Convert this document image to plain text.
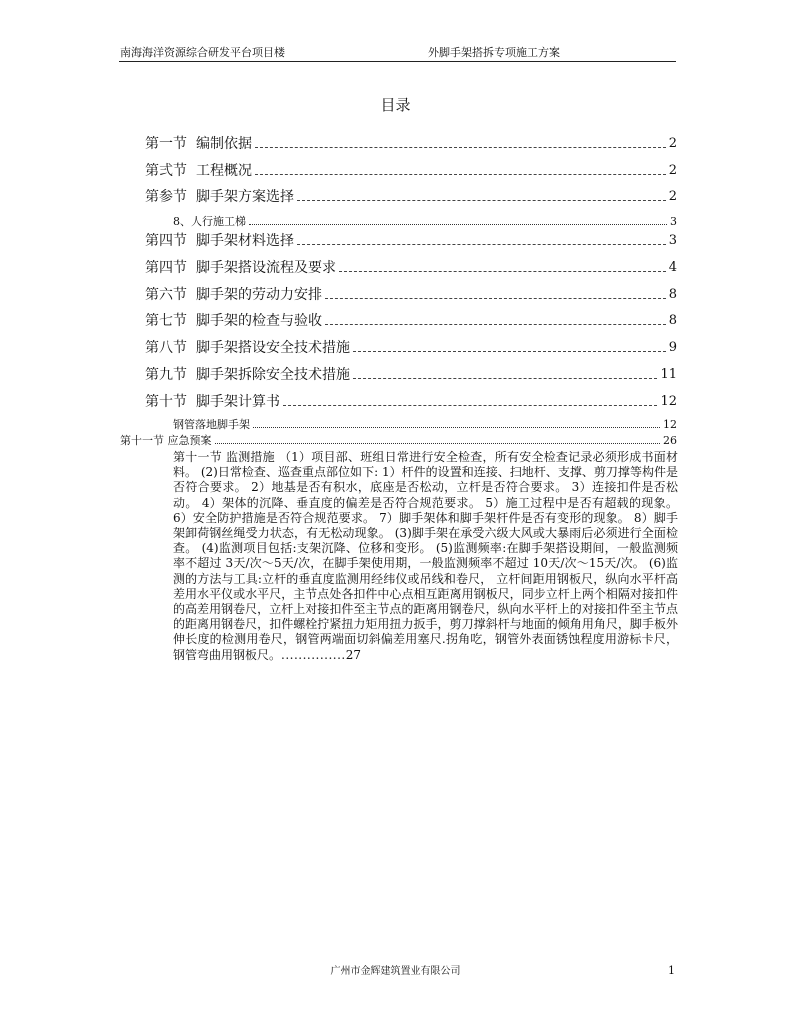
南海海洋资源综合研发平台项目楼	外脚手架搭拆专项施工方案
目录
第一节 编制依据	2
第弍节 工程概况	2
第参节 脚手架方案选择	2
8、人行施工梯	3
第四节 脚手架材料选择	3
第四节 脚手架搭设流程及要求	4
第六节 脚手架的劳动力安排	8
第七节 脚手架的检查与验收	8
第八节 脚手架搭设安全技术措施	9
第九节 脚手架拆除安全技术措施	11
第十节 脚手架计算书	12
钢管落地脚手架	12
第十一节 应急预案	26
第十一节 监测措施 （1）项目部、班组日常进行安全检查，所有安全检查记录必须形成书面材料。 (2)日常检查、巡查重点部位如下: 1）杆件的设置和连接、扫地杆、支撑、剪刀撑等构件是否符合要求。 2）地基是否有积水，底座是否松动，立杆是否符合要求。 3）连接扣件是否松动。 4）架体的沉降、垂直度的偏差是否符合规范要求。 5）施工过程中是否有超载的现象。 6）安全防护措施是否符合规范要求。 7）脚手架体和脚手架杆件是否有变形的现象。 8）脚手架卸荷钢丝绳受力状态，有无松动现象。 (3)脚手架在承受六级大风或大暴雨后必须进行全面检查。 (4)监测项目包括:支架沉降、位移和变形。 (5)监测频率:在脚手架搭设期间，一般监测频率不超过 3天/次～5天/次，在脚手架使用期，一般监测频率不超过 10天/次～15天/次。 (6)监测的方法与工具:立杆的垂直度监测用经纬仪或吊线和卷尺， 立杆间距用钢板尺，纵向水平杆高差用水平仪或水平尺，主节点处各扣件中心点相互距离用钢板尺，同步立杆上两个相隔对接扣件的高差用钢卷尺，立杆上对接扣件至主节点的距离用钢卷尺，纵向水平杆上的对接扣件至主节点的距离用钢卷尺，扣件螺栓拧紧扭力矩用扭力扳手，剪刀撑斜杆与地面的倾角用角尺，脚手板外伸长度的检测用卷尺，钢管两端面切斜偏差用塞尺.拐角吃，钢管外表面锈蚀程度用游标卡尺，钢管弯曲用钢板尺。...............27
广州市金辉建筑置业有限公司	1
